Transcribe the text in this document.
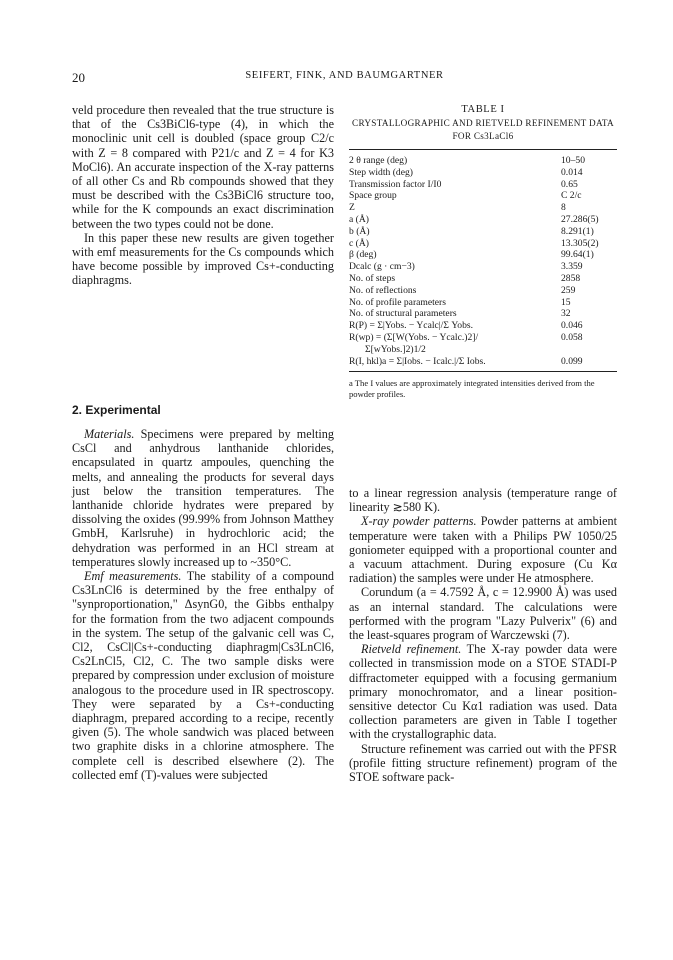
20	SEIFERT, FINK, AND BAUMGARTNER

veld procedure then revealed that the true structure is that of the Cs3BiCl6-type (4), in which the monoclinic unit cell is doubled (space group C2/c with Z = 8 compared with P21/c and Z = 4 for K3 MoCl6). An accurate inspection of the X-ray patterns of all other Cs and Rb compounds showed that they must be described with the Cs3BiCl6 structure too, while for the K compounds an exact discrimination between the two types could not be done.

In this paper these new results are given together with emf measurements for the Cs compounds which have become possible by improved Cs+-conducting diaphragms.

2. Experimental

Materials. Specimens were prepared by melting CsCl and anhydrous lanthanide chlorides, encapsulated in quartz ampoules, quenching the melts, and annealing the products for several days just below the transition temperatures. The lanthanide chloride hydrates were prepared by dissolving the oxides (99.99% from Johnson Matthey GmbH, Karlsruhe) in hydrochloric acid; the dehydration was performed in an HCl stream at temperatures slowly increased up to ~350°C.

Emf measurements. The stability of a compound Cs3LnCl6 is determined by the free enthalpy of "synproportionation," ΔsynG0, the Gibbs enthalpy for the formation from the two adjacent compounds in the system. The setup of the galvanic cell was C, Cl2, CsCl|Cs+-conducting diaphragm|Cs3LnCl6, Cs2LnCl5, Cl2, C. The two sample disks were prepared by compression under exclusion of moisture analogous to the procedure used in IR spectroscopy. They were separated by a Cs+-conducting diaphragm, prepared according to a recipe, recently given (5). The whole sandwich was placed between two graphite disks in a chlorine atmosphere. The complete cell is described elsewhere (2). The collected emf (T)-values were subjected

TABLE I
CRYSTALLOGRAPHIC AND RIETVELD REFINEMENT DATA FOR Cs3LaCl6
2 θ range (deg)	10–50
Step width (deg)	0.014
Transmission factor I/I0	0.65
Space group	C 2/c
Z	8
a (Å)	27.286(5)
b (Å)	8.291(1)
c (Å)	13.305(2)
β (deg)	99.64(1)
Dcalc (g · cm−3)	3.359
No. of steps	2858
No. of reflections	259
No. of profile parameters	15
No. of structural parameters	32
R(P) = Σ|Yobs. − Ycalc|/Σ Yobs.	0.046
R(wp) = (Σ[W(Yobs. − Ycalc.)2]/	0.058
Σ[wYobs.]2)1/2
R(I, hkl)a = Σ|Iobs. − Icalc.|/Σ Iobs.	0.099
a The I values are approximately integrated intensities derived from the powder profiles.

to a linear regression analysis (temperature range of linearity ≳580 K).

X-ray powder patterns. Powder patterns at ambient temperature were taken with a Philips PW 1050/25 goniometer equipped with a proportional counter and a vacuum attachment. During exposure (Cu Kα radiation) the samples were under He atmosphere.

Corundum (a = 4.7592 Å, c = 12.9900 Å) was used as an internal standard. The calculations were performed with the program "Lazy Pulverix" (6) and the least-squares program of Warczewski (7).

Rietveld refinement. The X-ray powder data were collected in transmission mode on a STOE STADI-P diffractometer equipped with a focusing germanium primary monochromator, and a linear position-sensitive detector Cu Kα1 radiation was used. Data collection parameters are given in Table I together with the crystallographic data.

Structure refinement was carried out with the PFSR (profile fitting structure refinement) program of the STOE software pack-
